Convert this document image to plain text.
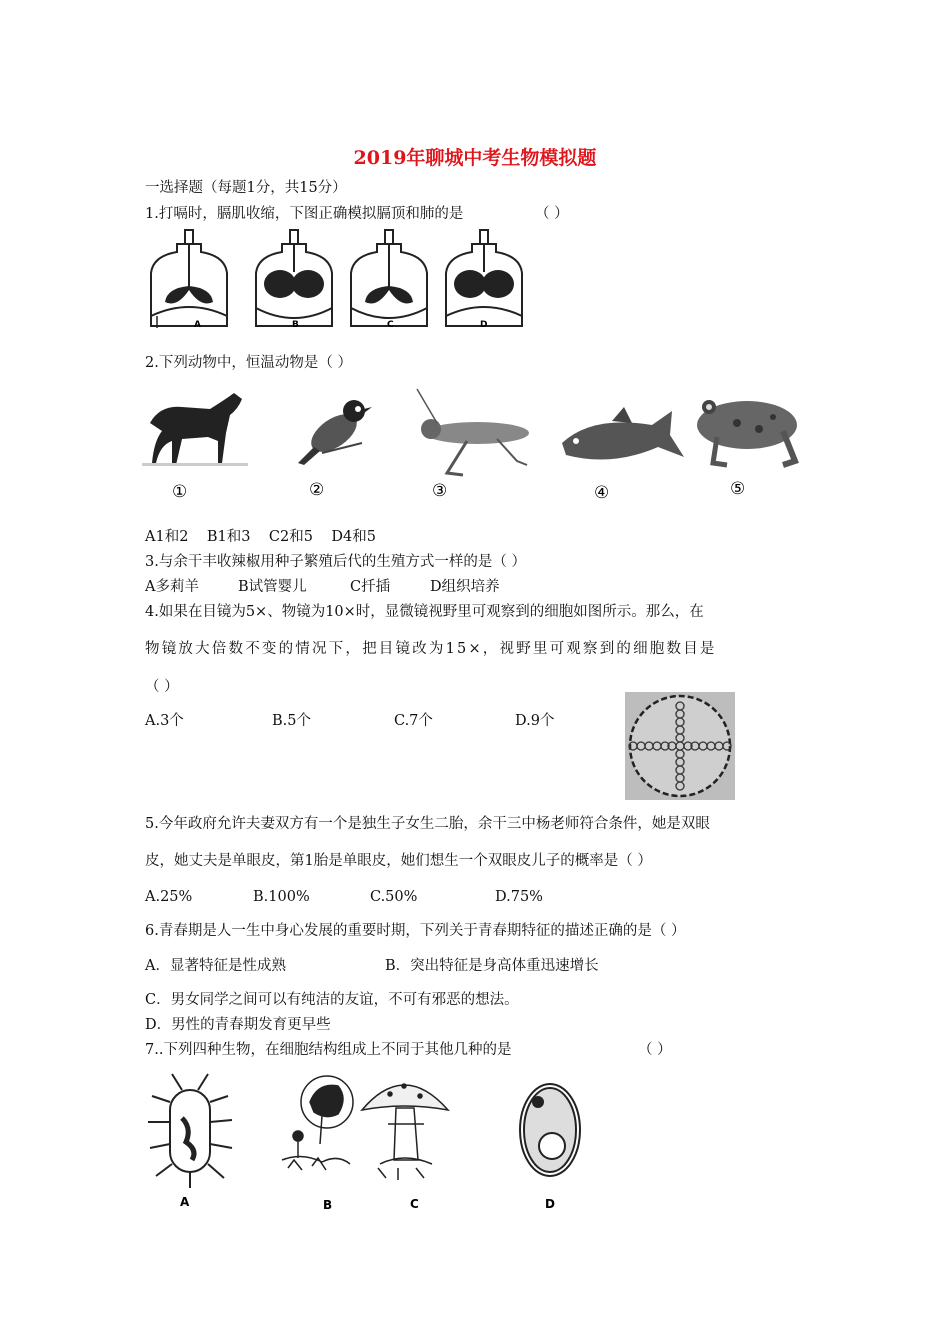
2019年聊城中考生物模拟题
一选择题（每题1分，共15分）
1.打嗝时，膈肌收缩，下图正确模拟膈顶和肺的是	（ ）
A	B	C	D
2.下列动物中，恒温动物是（ ）
①	②	③	④	⑤
A1和2    B1和3    C2和5    D4和5
3.与余干丰收辣椒用种子繁殖后代的生殖方式一样的是（ ）
A多莉羊	B试管婴儿	C扦插	D组织培养
4.如果在目镜为5×、物镜为10×时，显微镜视野里可观察到的细胞如图所示。那么，在
物镜放大倍数不变的情况下，把目镜改为15×，视野里可观察到的细胞数目是
（ ）
A.3个	B.5个	C.7个	D.9个
5.今年政府允许夫妻双方有一个是独生子女生二胎，余干三中杨老师符合条件，她是双眼
皮，她丈夫是单眼皮，第1胎是单眼皮，她们想生一个双眼皮儿子的概率是（ ）
A.25%	B.100%	C.50%	D.75%
6.青春期是人一生中身心发展的重要时期，下列关于青春期特征的描述正确的是（ ）
A．显著特征是性成熟	B．突出特征是身高体重迅速增长
C．男女同学之间可以有纯洁的友谊，不可有邪恶的想法。
D．男性的青春期发育更早些
7..下列四种生物，在细胞结构组成上不同于其他几种的是	（ ）
A	B	C	D
